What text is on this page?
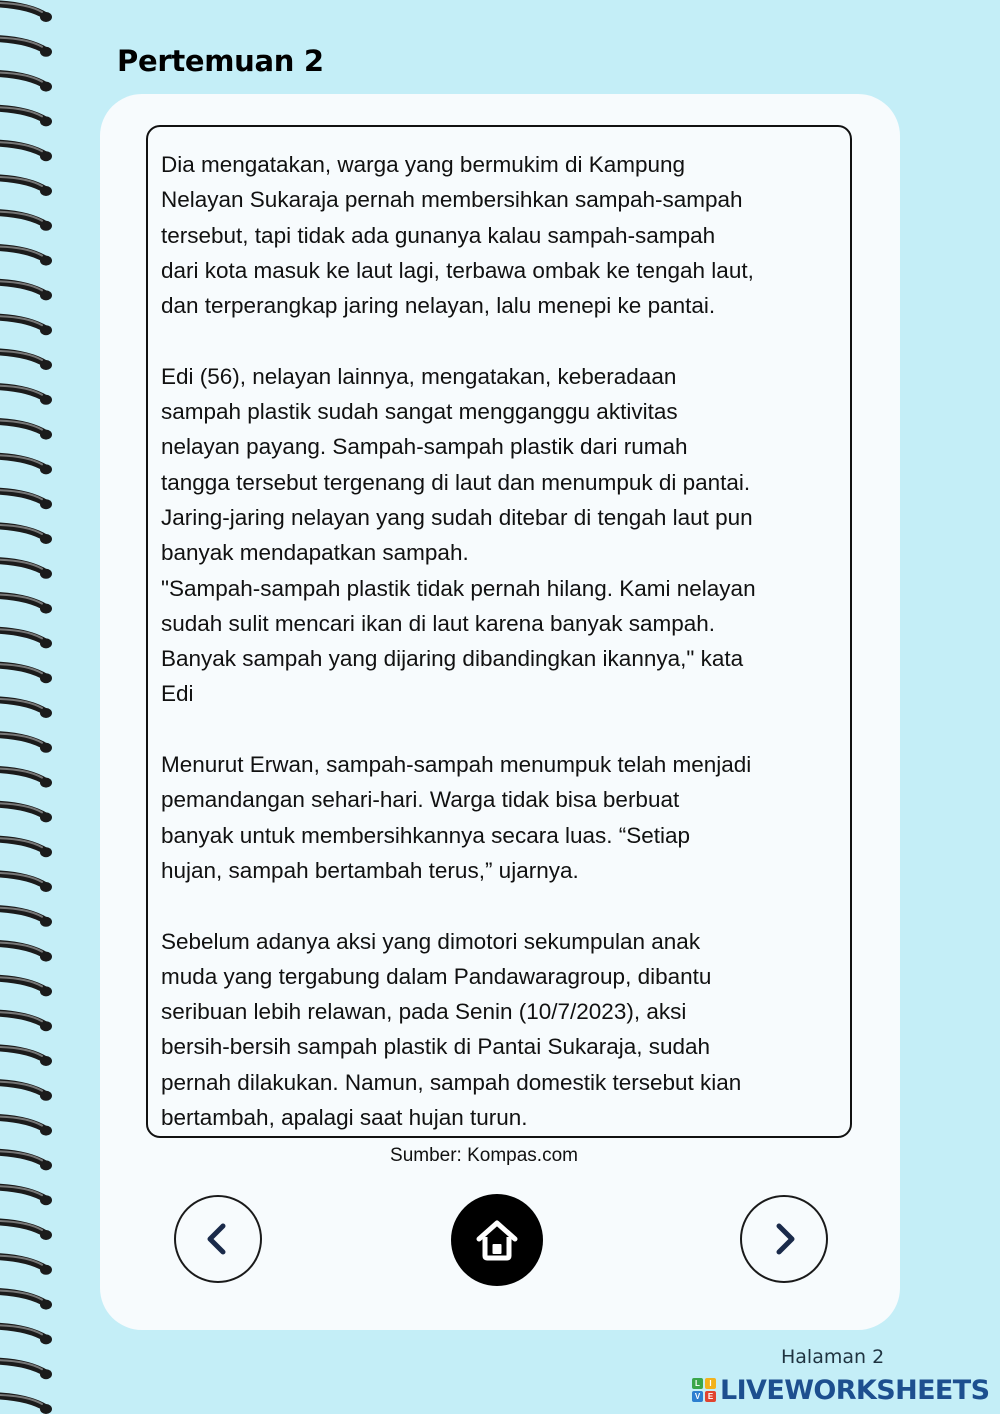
Pertemuan 2

Dia mengatakan, warga yang bermukim di Kampung
Nelayan Sukaraja pernah membersihkan sampah-sampah
tersebut, tapi tidak ada gunanya kalau sampah-sampah
dari kota masuk ke laut lagi, terbawa ombak ke tengah laut,
dan terperangkap jaring nelayan, lalu menepi ke pantai.

Edi (56), nelayan lainnya, mengatakan, keberadaan
sampah plastik sudah sangat mengganggu aktivitas
nelayan payang. Sampah-sampah plastik dari rumah
tangga tersebut tergenang di laut dan menumpuk di pantai.
Jaring-jaring nelayan yang sudah ditebar di tengah laut pun
banyak mendapatkan sampah.

"Sampah-sampah plastik tidak pernah hilang. Kami nelayan
sudah sulit mencari ikan di laut karena banyak sampah.
Banyak sampah yang dijaring dibandingkan ikannya," kata
Edi

Menurut Erwan, sampah-sampah menumpuk telah menjadi
pemandangan sehari-hari. Warga tidak bisa berbuat
banyak untuk membersihkannya secara luas. “Setiap
hujan, sampah bertambah terus,” ujarnya.

Sebelum adanya aksi yang dimotori sekumpulan anak
muda yang tergabung dalam Pandawaragroup, dibantu
seribuan lebih relawan, pada Senin (10/7/2023), aksi
bersih-bersih sampah plastik di Pantai Sukaraja, sudah
pernah dilakukan. Namun, sampah domestik tersebut kian
bertambah, apalagi saat hujan turun.

Sumber: Kompas.com
Halaman 2
L	I
V E LIVEWORKSHEETS
